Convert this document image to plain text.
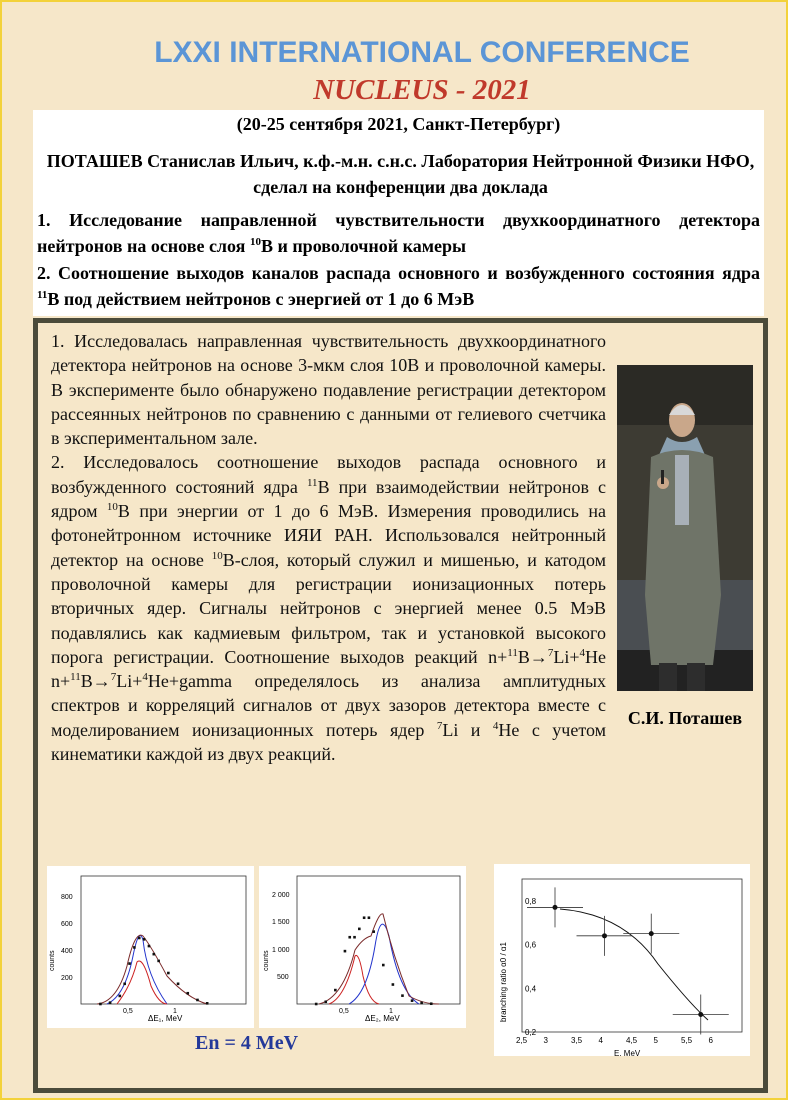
LXXI INTERNATIONAL CONFERENCE
NUCLEUS - 2021
(20-25 сентября 2021, Санкт-Петербург)
ПОТАШЕВ Станислав Ильич, к.ф.-м.н. с.н.с. Лаборатория Нейтронной Физики НФО, сделал на конференции два доклада
1. Исследование направленной чувствительности двухкоординатного детектора нейтронов на основе слоя $^{10}$B и проволочной камеры
2. Соотношение выходов каналов распада основного и возбужденного состояния ядра $^{11}$B под действием нейтронов с энергией от 1 до 6 МэВ
1. Исследовалась направленная чувствительность двухкоординатного детектора нейтронов на основе 3-мкм слоя 10B и проволочной камеры. В эксперименте было обнаружено подавление регистрации детектором рассеянных нейтронов по сравнению с данными от гелиевого счетчика в экспериментальном зале.
2. Исследовалось соотношение выходов распада основного и возбужденного состояний ядра $^{11}$B при взаимодействии нейтронов с ядром $^{10}$B при энергии от 1 до 6 МэВ. Измерения проводились на фотонейтронном источнике ИЯИ РАН. Использовался нейтронный детектор на основе $^{10}$B-слоя, который служил и мишенью, и катодом проволочной камеры для регистрации ионизационных потерь вторичных ядер. Сигналы нейтронов с энергией менее 0.5 МэВ подавлялись как кадмиевым фильтром, так и установкой высокого порога регистрации. Соотношение выходов реакций n+$^{11}$B→$^7$Li+$^4$He n+$^{11}$B→$^7$Li+$^4$He+gamma определялось из анализа амплитудных спектров и корреляций сигналов от двух зазоров детектора вместе с моделированием ионизационных потерь ядер $^7$Li и $^4$He с учетом кинематики каждой из двух реакций.
С.И. Поташев
counts
ΔE₁, MeV
200
400
600
800
0,5	1
counts
ΔE₂, MeV
500
1 000
1 500
2 000
0,5	1	branching ratio α0 / α1
E, MeV
2,5 3	3,5 4	4,5 5	5,5 6
0,2
0,4
0,6
0,8
En = 4 MeV
